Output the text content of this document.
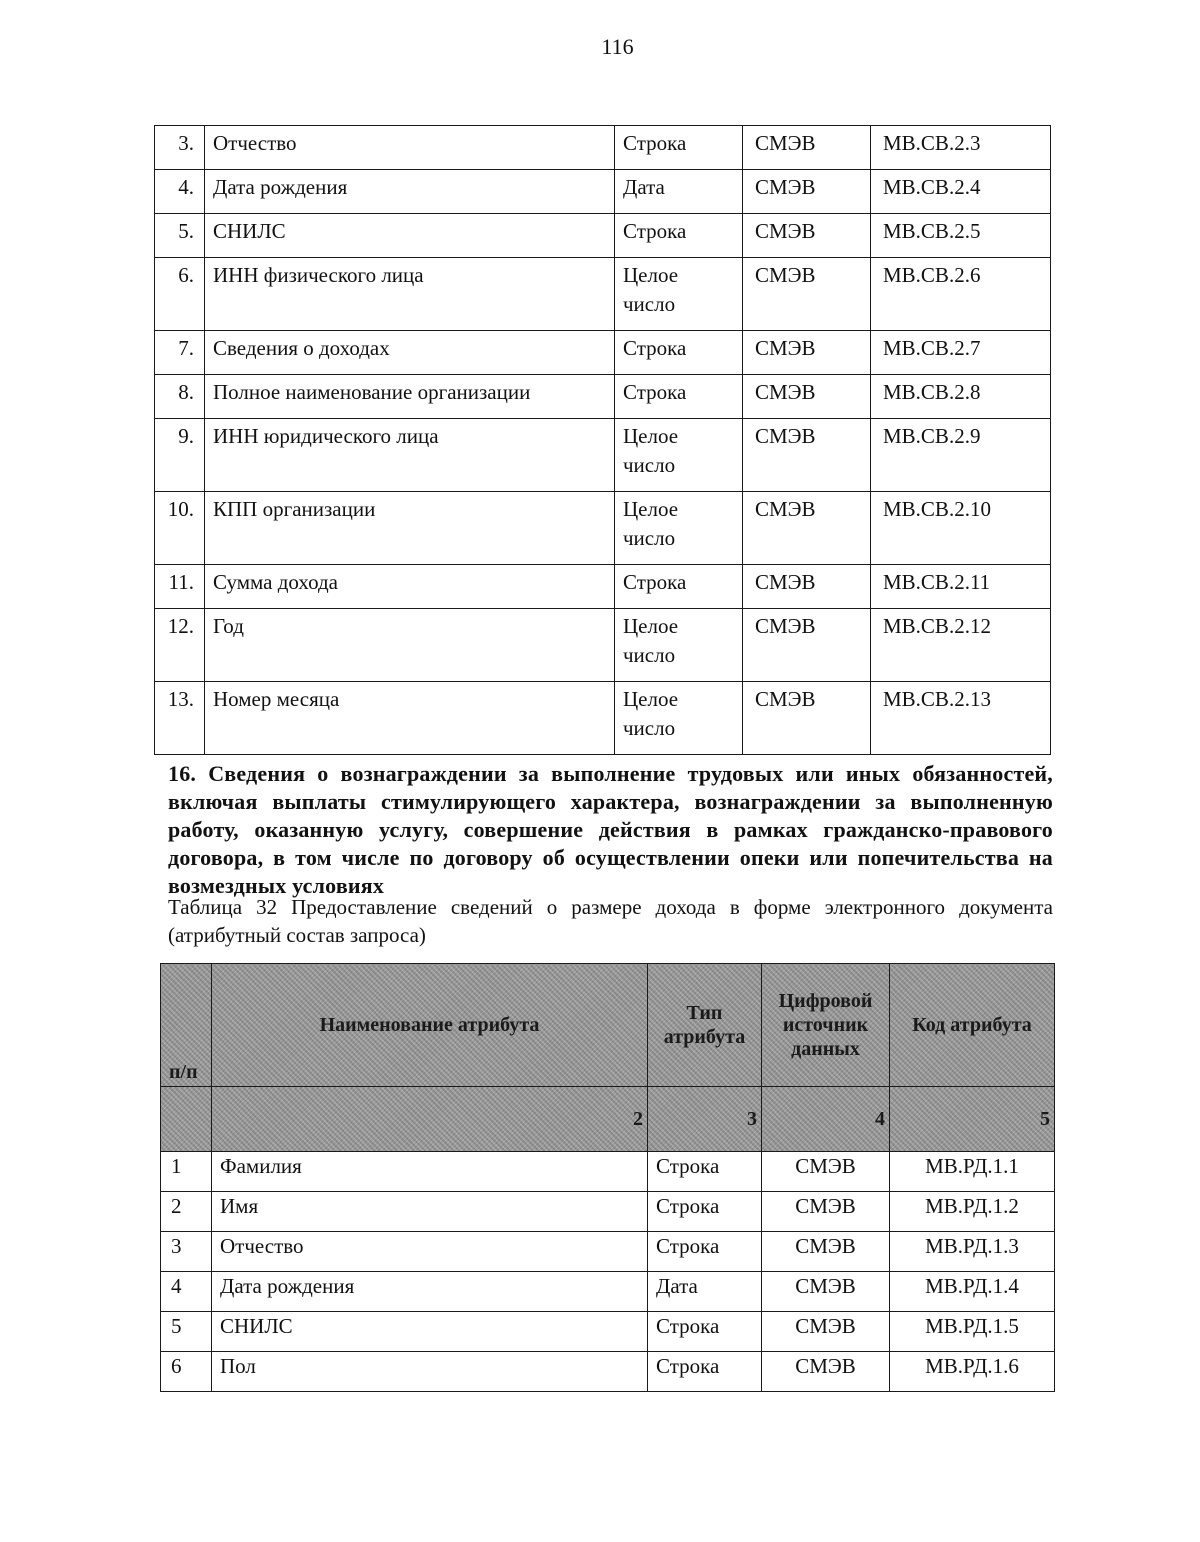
116
3.	Отчество	Строка	СМЭВ	МВ.СВ.2.3
4.	Дата рождения	Дата	СМЭВ	МВ.СВ.2.4
5.	СНИЛС	Строка	СМЭВ	МВ.СВ.2.5
6.	ИНН физического лица	Целое число	СМЭВ	МВ.СВ.2.6
7.	Сведения о доходах	Строка	СМЭВ	МВ.СВ.2.7
8.	Полное наименование организации	Строка	СМЭВ	МВ.СВ.2.8
9.	ИНН юридического лица	Целое число	СМЭВ	МВ.СВ.2.9
10.	КПП организации	Целое число	СМЭВ	МВ.СВ.2.10
11.	Сумма дохода	Строка	СМЭВ	МВ.СВ.2.11
12.	Год	Целое число	СМЭВ	МВ.СВ.2.12
13.	Номер месяца	Целое число	СМЭВ	МВ.СВ.2.13
16. Сведения о вознаграждении за выполнение трудовых или иных обязанностей, включая выплаты стимулирующего характера, вознаграждении за выполненную работу, оказанную услугу, совершение действия в рамках гражданско-правового договора, в том числе по договору об осуществлении опеки или попечительства на возмездных условиях
Таблица 32 Предоставление сведений о размере дохода в форме электронного документа (атрибутный состав запроса)
п/п	Наименование атрибута	Тип атрибута	Цифровой источник данных	Код атрибута
	2	3	4	5
1	Фамилия	Строка	СМЭВ	МВ.РД.1.1
2	Имя	Строка	СМЭВ	МВ.РД.1.2
3	Отчество	Строка	СМЭВ	МВ.РД.1.3
4	Дата рождения	Дата	СМЭВ	МВ.РД.1.4
5	СНИЛС	Строка	СМЭВ	МВ.РД.1.5
6	Пол	Строка	СМЭВ	МВ.РД.1.6
